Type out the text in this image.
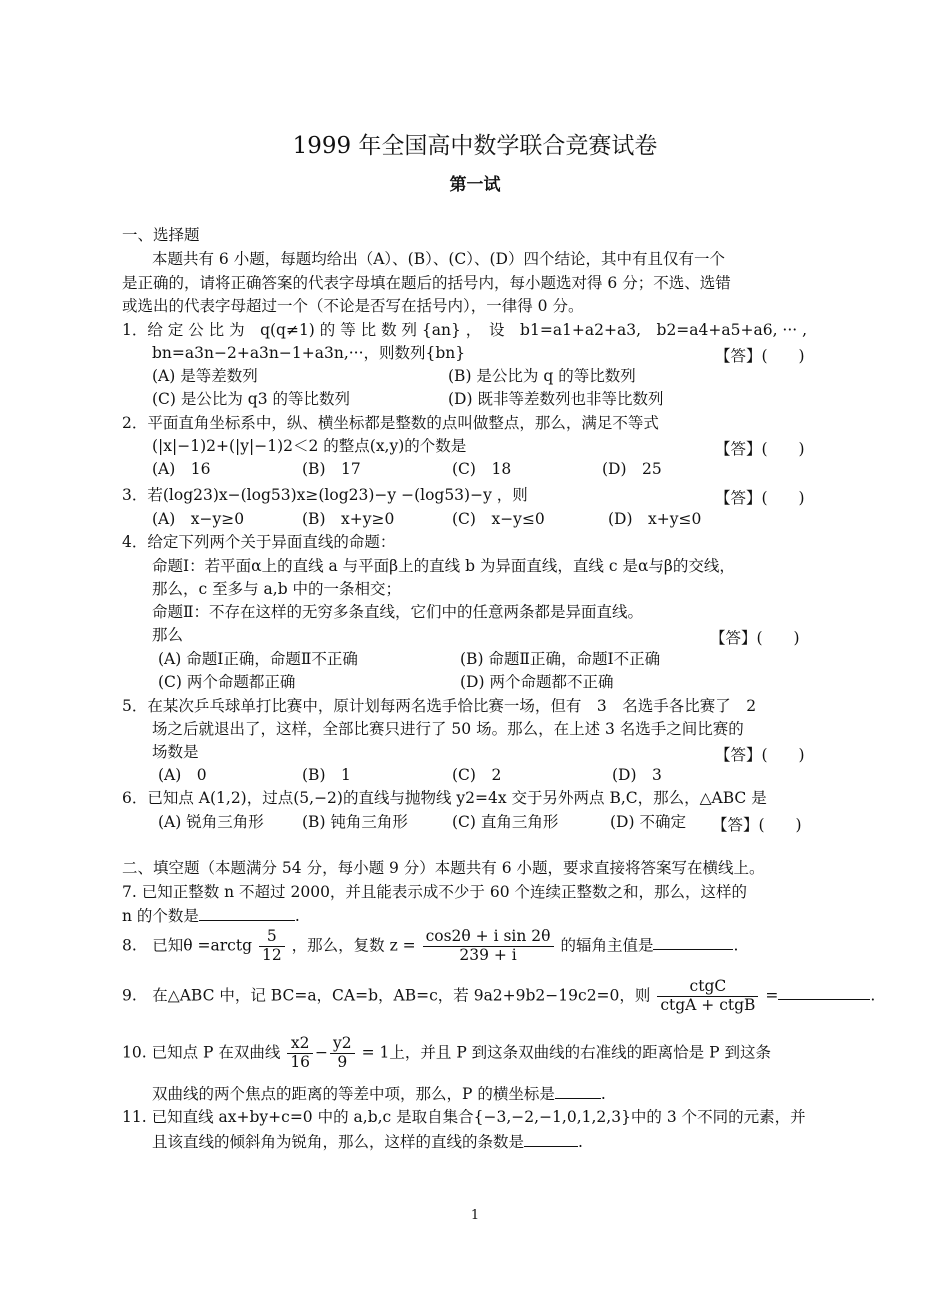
1999 年全国高中数学联合竞赛试卷
第一试
一、选择题
本题共有 6 小题，每题均给出（A）、(B）、(C）、(D）四个结论，其中有且仅有一个
是正确的，请将正确答案的代表字母填在题后的括号内，每小题选对得 6 分；不选、选错
或选出的代表字母超过一个（不论是否写在括号内），一律得 0 分。
1．给 定 公 比 为　q(q≠1) 的 等 比 数 列 {an} ，　设　b1=a1+a2+a3,　b2=a4+a5+a6, ··· ,
bn=a3n−2+a3n−1+a3n,···，则数列{bn}	【答】(　　)
(A) 是等差数列	(B) 是公比为 q 的等比数列
(C) 是公比为 q3 的等比数列	(D) 既非等差数列也非等比数列
2．平面直角坐标系中，纵、横坐标都是整数的点叫做整点，那么，满足不等式
(|x|−1)2+(|y|−1)2＜2 的整点(x,y)的个数是	【答】(　　)
(A)　16	(B)　17	(C)　18	(D)　25
3．若(log23)x−(log53)x≥(log23)−y −(log53)−y ，则	【答】(　　)
(A)　x−y≥0	(B)　x+y≥0	(C)　x−y≤0	(D)　x+y≤0
4．给定下列两个关于异面直线的命题：
命题Ⅰ：若平面α上的直线 a 与平面β上的直线 b 为异面直线，直线 c 是α与β的交线，
那么，c 至多与 a,b 中的一条相交；
命题Ⅱ：不存在这样的无穷多条直线，它们中的任意两条都是异面直线。
那么	【答】(　　)
(A) 命题Ⅰ正确，命题Ⅱ不正确	(B) 命题Ⅱ正确，命题Ⅰ不正确
(C) 两个命题都正确	(D) 两个命题都不正确
5．在某次乒乓球单打比赛中，原计划每两名选手恰比赛一场，但有　3　名选手各比赛了　2
场之后就退出了，这样，全部比赛只进行了 50 场。那么，在上述 3 名选手之间比赛的
场数是	【答】(　　)
(A)　0	(B)　1	(C)　2	(D)　3
6．已知点 A(1,2)，过点(5,−2)的直线与抛物线 y2=4x 交于另外两点 B,C，那么，△ABC 是
(A) 锐角三角形 (B) 钝角三角形	(C) 直角三角形	(D) 不确定 【答】(　　)
二、填空题（本题满分 54 分，每小题 9 分）本题共有 6 小题，要求直接将答案写在横线上。
7. 已知正整数 n 不超过 2000，并且能表示成不少于 60 个连续正整数之和，那么，这样的
n 的个数是	.
8.　已知θ =arctg $\frac{5}{12}$ ，那么，复数 $z = \frac{\text{cos2θ + i sin 2θ}}{239 + i}$ 的辐角主值是	.
9.　在△ABC 中，记 BC=a，CA=b，AB=c，若 9a2+9b2−19c2=0，则 $\frac{\text{ctgC}}{\text{ctgA + ctgB}}$ =	.
10. 已知点 P 在双曲线 $\frac{x2}{16} - \frac{y2}{9} = 1$上，并且 P 到这条双曲线的右准线的距离恰是 P 到这条
双曲线的两个焦点的距离的等差中项，那么，P 的横坐标是	.
11. 已知直线 ax+by+c=0 中的 a,b,c 是取自集合{−3,−2,−1,0,1,2,3}中的 3 个不同的元素，并
且该直线的倾斜角为锐角，那么，这样的直线的条数是	.
1
